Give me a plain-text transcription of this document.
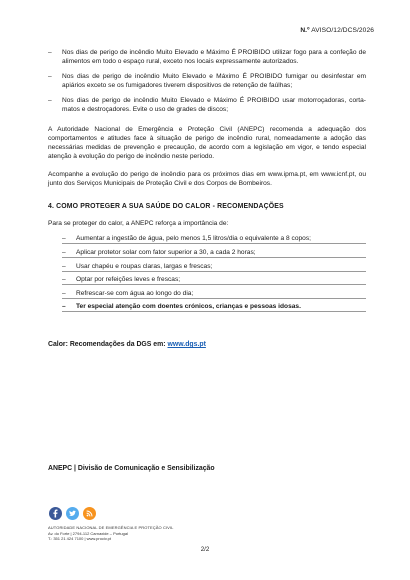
N.º AVISO/12/DCS/2026
– Nos dias de perigo de incêndio Muito Elevado e Máximo É PROIBIDO utilizar fogo para a confeção de alimentos em todo o espaço rural, exceto nos locais expressamente autorizados.
– Nos dias de perigo de incêndio Muito Elevado e Máximo É PROIBIDO fumigar ou desinfestar em apiários exceto se os fumigadores tiverem dispositivos de retenção de faúlhas;
– Nos dias de perigo de incêndio Muito Elevado e Máximo É PROIBIDO usar motorroçadoras, corta-matos e destroçadores. Evite o uso de grades de discos;
A Autoridade Nacional de Emergência e Proteção Civil (ANEPC) recomenda a adequação dos comportamentos e atitudes face à situação de perigo de incêndio rural, nomeadamente a adoção das necessárias medidas de prevenção e precaução, de acordo com a legislação em vigor, e tendo especial atenção à evolução do perigo de incêndio neste período.
Acompanhe a evolução do perigo de incêndio para os próximos dias em www.ipma.pt, em www.icnf.pt, ou junto dos Serviços Municipais de Proteção Civil e dos Corpos de Bombeiros.
4. COMO PROTEGER A SUA SAÚDE DO CALOR - RECOMENDAÇÕES
Para se proteger do calor, a ANEPC reforça a importância de:
– Aumentar a ingestão de água, pelo menos 1,5 litros/dia o equivalente a 8 copos;
– Aplicar protetor solar com fator superior a 30, a cada 2 horas;
– Usar chapéu e roupas claras, largas e frescas;
– Optar por refeições leves e frescas;
– Refrescar-se com água ao longo do dia;
– Ter especial atenção com doentes crónicos, crianças e pessoas idosas.
Calor: Recomendações da DGS em: www.dgs.pt
ANEPC | Divisão de Comunicação e Sensibilização
AUTORIDADE NACIONAL DE EMERGÊNCIA E PROTEÇÃO CIVIL
Av. do Forte | 2794-112 Carnaxide – Portugal
T.: 351 21 424 7100 | www.prociv.pt
2/2
